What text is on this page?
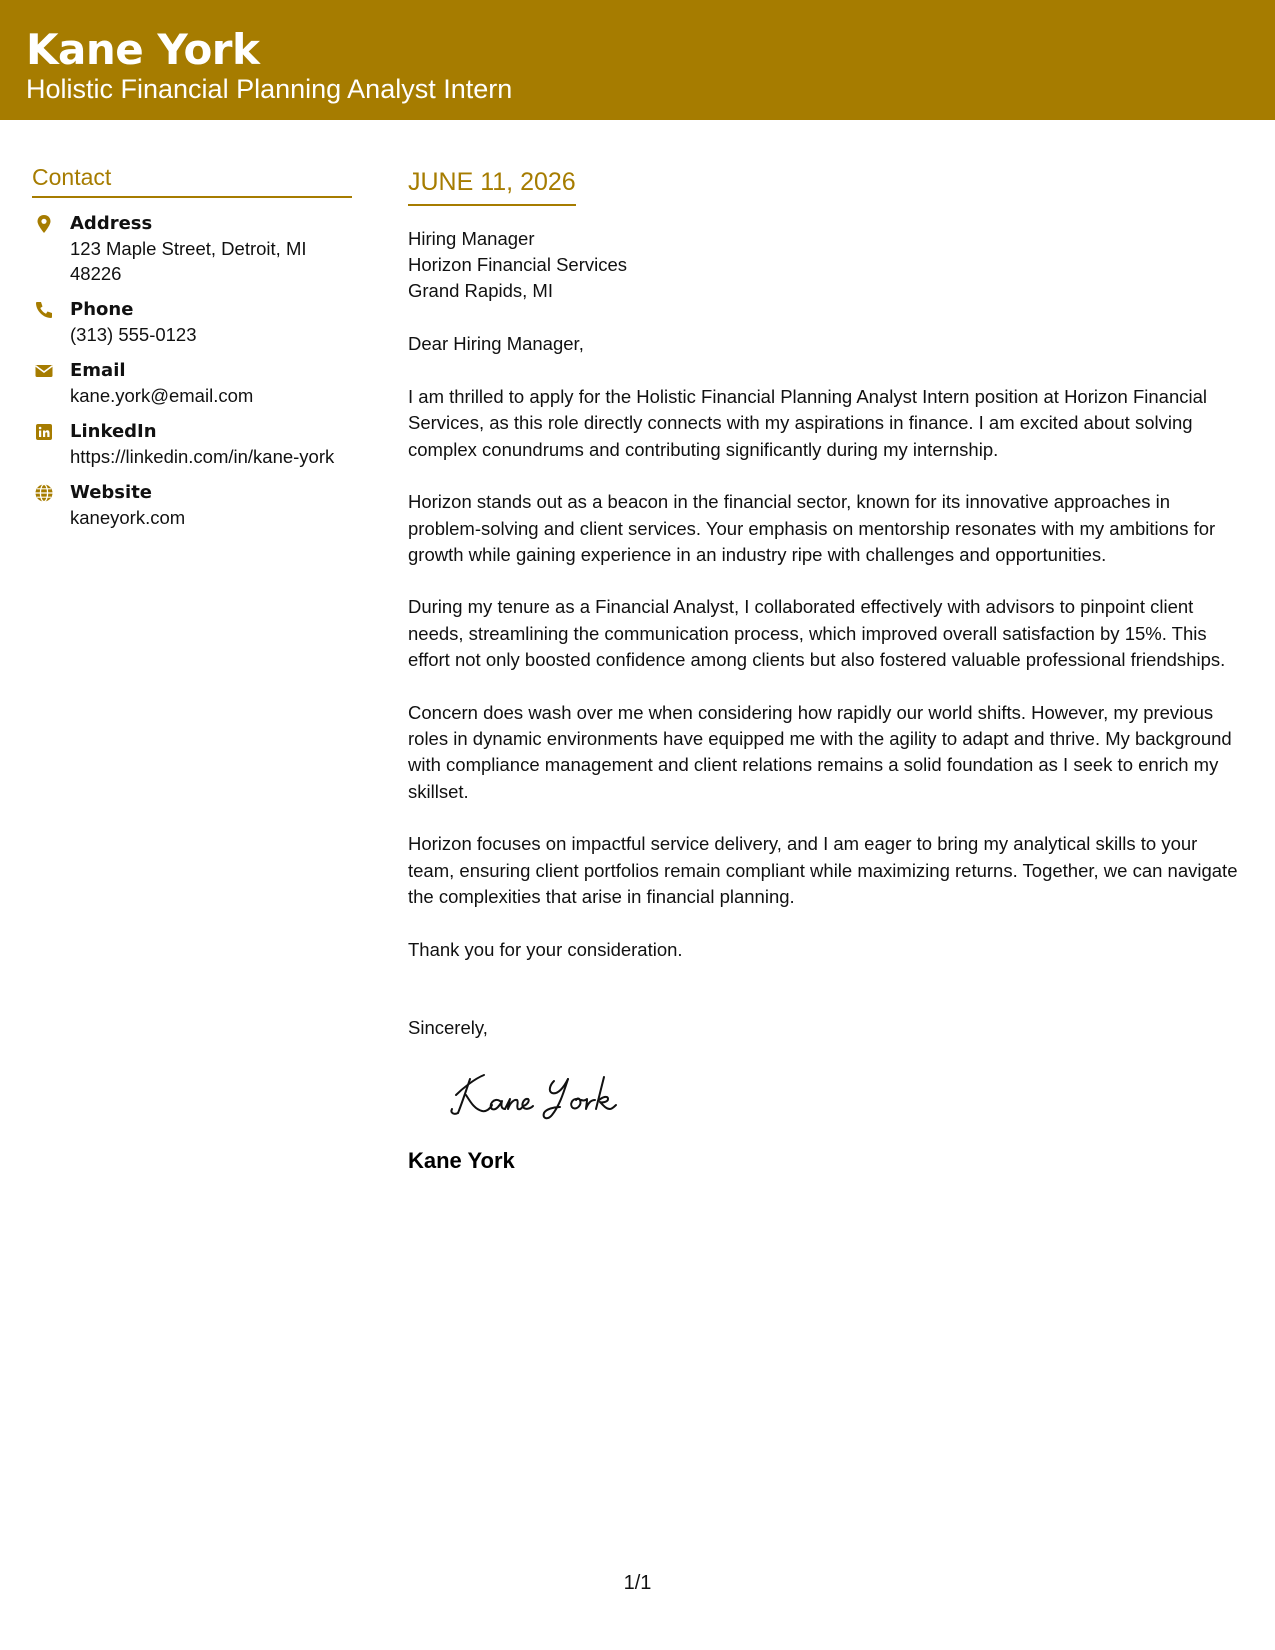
Kane York
Holistic Financial Planning Analyst Intern
Contact
Address
123 Maple Street, Detroit, MI 48226
Phone
(313) 555-0123
Email
kane.york@email.com
LinkedIn
https://linkedin.com/in/kane-york
Website
kaneyork.com
JUNE 11, 2026
Hiring Manager
Horizon Financial Services
Grand Rapids, MI
Dear Hiring Manager,

I am thrilled to apply for the Holistic Financial Planning Analyst Intern position at Horizon Financial Services, as this role directly connects with my aspirations in finance. I am excited about solving complex conundrums and contributing significantly during my internship.

Horizon stands out as a beacon in the financial sector, known for its innovative approaches in problem-solving and client services. Your emphasis on mentorship resonates with my ambitions for growth while gaining experience in an industry ripe with challenges and opportunities.

During my tenure as a Financial Analyst, I collaborated effectively with advisors to pinpoint client needs, streamlining the communication process, which improved overall satisfaction by 15%. This effort not only boosted confidence among clients but also fostered valuable professional friendships.

Concern does wash over me when considering how rapidly our world shifts. However, my previous roles in dynamic environments have equipped me with the agility to adapt and thrive. My background with compliance management and client relations remains a solid foundation as I seek to enrich my skillset.

Horizon focuses on impactful service delivery, and I am eager to bring my analytical skills to your team, ensuring client portfolios remain compliant while maximizing returns. Together, we can navigate the complexities that arise in financial planning.

Thank you for your consideration.
Sincerely,
Kane York
1/1
